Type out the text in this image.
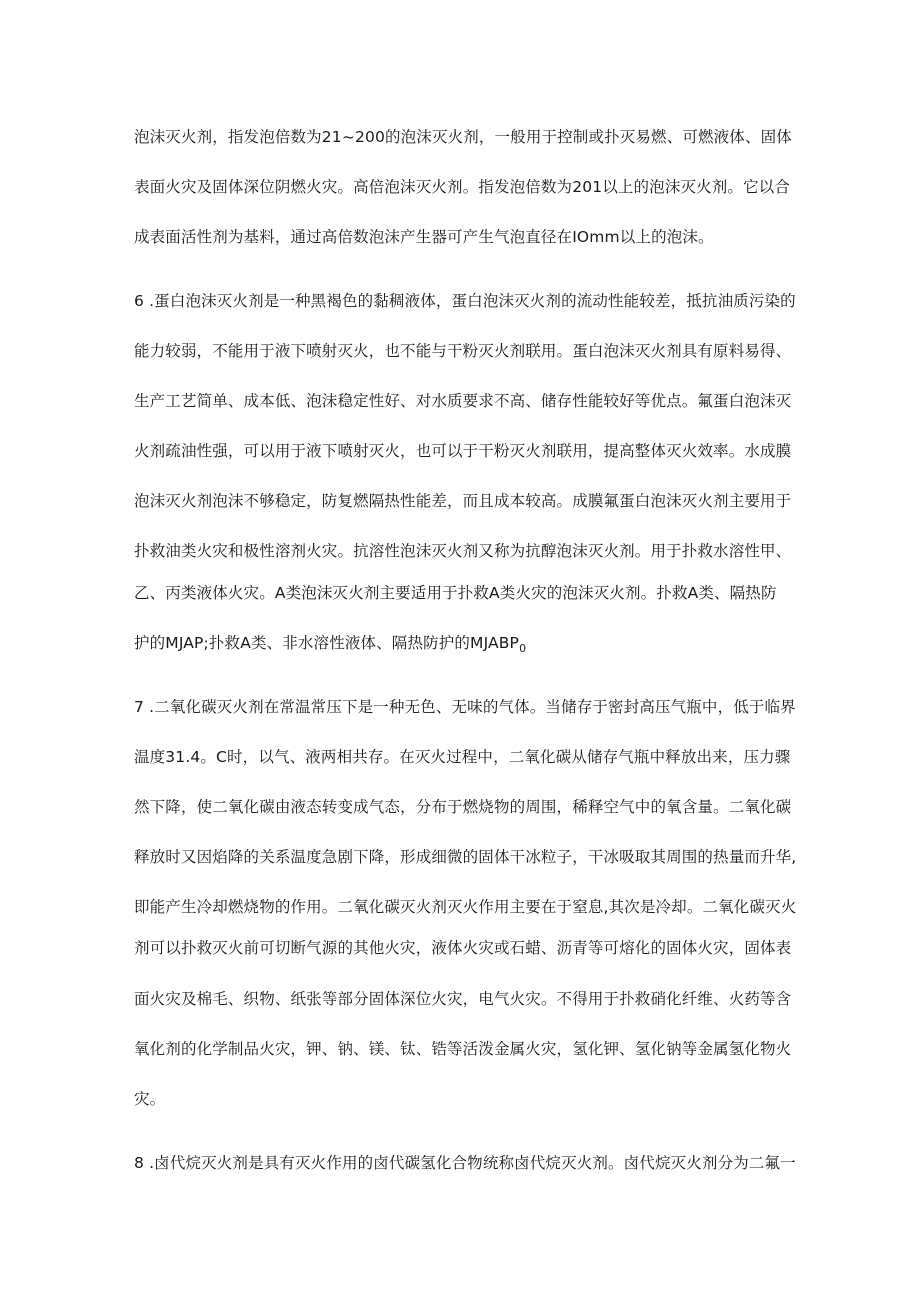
泡沫灭火剂，指发泡倍数为21~200的泡沫灭火剂，一般用于控制或扑灭易燃、可燃液体、固体
表面火灾及固体深位阴燃火灾。高倍泡沫灭火剂。指发泡倍数为201以上的泡沫灭火剂。它以合
成表面活性剂为基料，通过高倍数泡沫产生器可产生气泡直径在IOmm以上的泡沫。
6 .蛋白泡沫灭火剂是一种黑褐色的黏稠液体，蛋白泡沫灭火剂的流动性能较差，抵抗油质污染的
能力较弱，不能用于液下喷射灭火，也不能与干粉灭火剂联用。蛋白泡沫灭火剂具有原料易得、
生产工艺简单、成本低、泡沫稳定性好、对水质要求不高、储存性能较好等优点。氟蛋白泡沫灭
火剂疏油性强，可以用于液下喷射灭火，也可以于干粉灭火剂联用，提高整体灭火效率。水成膜
泡沫灭火剂泡沫不够稳定，防复燃隔热性能差，而且成本较高。成膜氟蛋白泡沫灭火剂主要用于
扑救油类火灾和极性溶剂火灾。抗溶性泡沫灭火剂又称为抗醇泡沫灭火剂。用于扑救水溶性甲、
乙、丙类液体火灾。A类泡沫灭火剂主要适用于扑救A类火灾的泡沫灭火剂。扑救A类、隔热防
护的MJAP;扑救A类、非水溶性液体、隔热防护的$MJABP_0$
7 .二氧化碳灭火剂在常温常压下是一种无色、无味的气体。当储存于密封高压气瓶中，低于临界
温度31.4。C时，以气、液两相共存。在灭火过程中，二氧化碳从储存气瓶中释放出来，压力骤
然下降，使二氧化碳由液态转变成气态，分布于燃烧物的周围，稀释空气中的氧含量。二氧化碳
释放时又因焰降的关系温度急剧下降，形成细微的固体干冰粒子，干冰吸取其周围的热量而升华,
即能产生冷却燃烧物的作用。二氧化碳灭火剂灭火作用主要在于窒息,其次是冷却。二氧化碳灭火
剂可以扑救灭火前可切断气源的其他火灾，液体火灾或石蜡、沥青等可熔化的固体火灾，固体表
面火灾及棉毛、织物、纸张等部分固体深位火灾，电气火灾。不得用于扑救硝化纤维、火药等含
氧化剂的化学制品火灾，钾、钠、镁、钛、锆等活泼金属火灾，氢化钾、氢化钠等金属氢化物火
灾。
8 .卤代烷灭火剂是具有灭火作用的卤代碳氢化合物统称卤代烷灭火剂。卤代烷灭火剂分为二氟一
